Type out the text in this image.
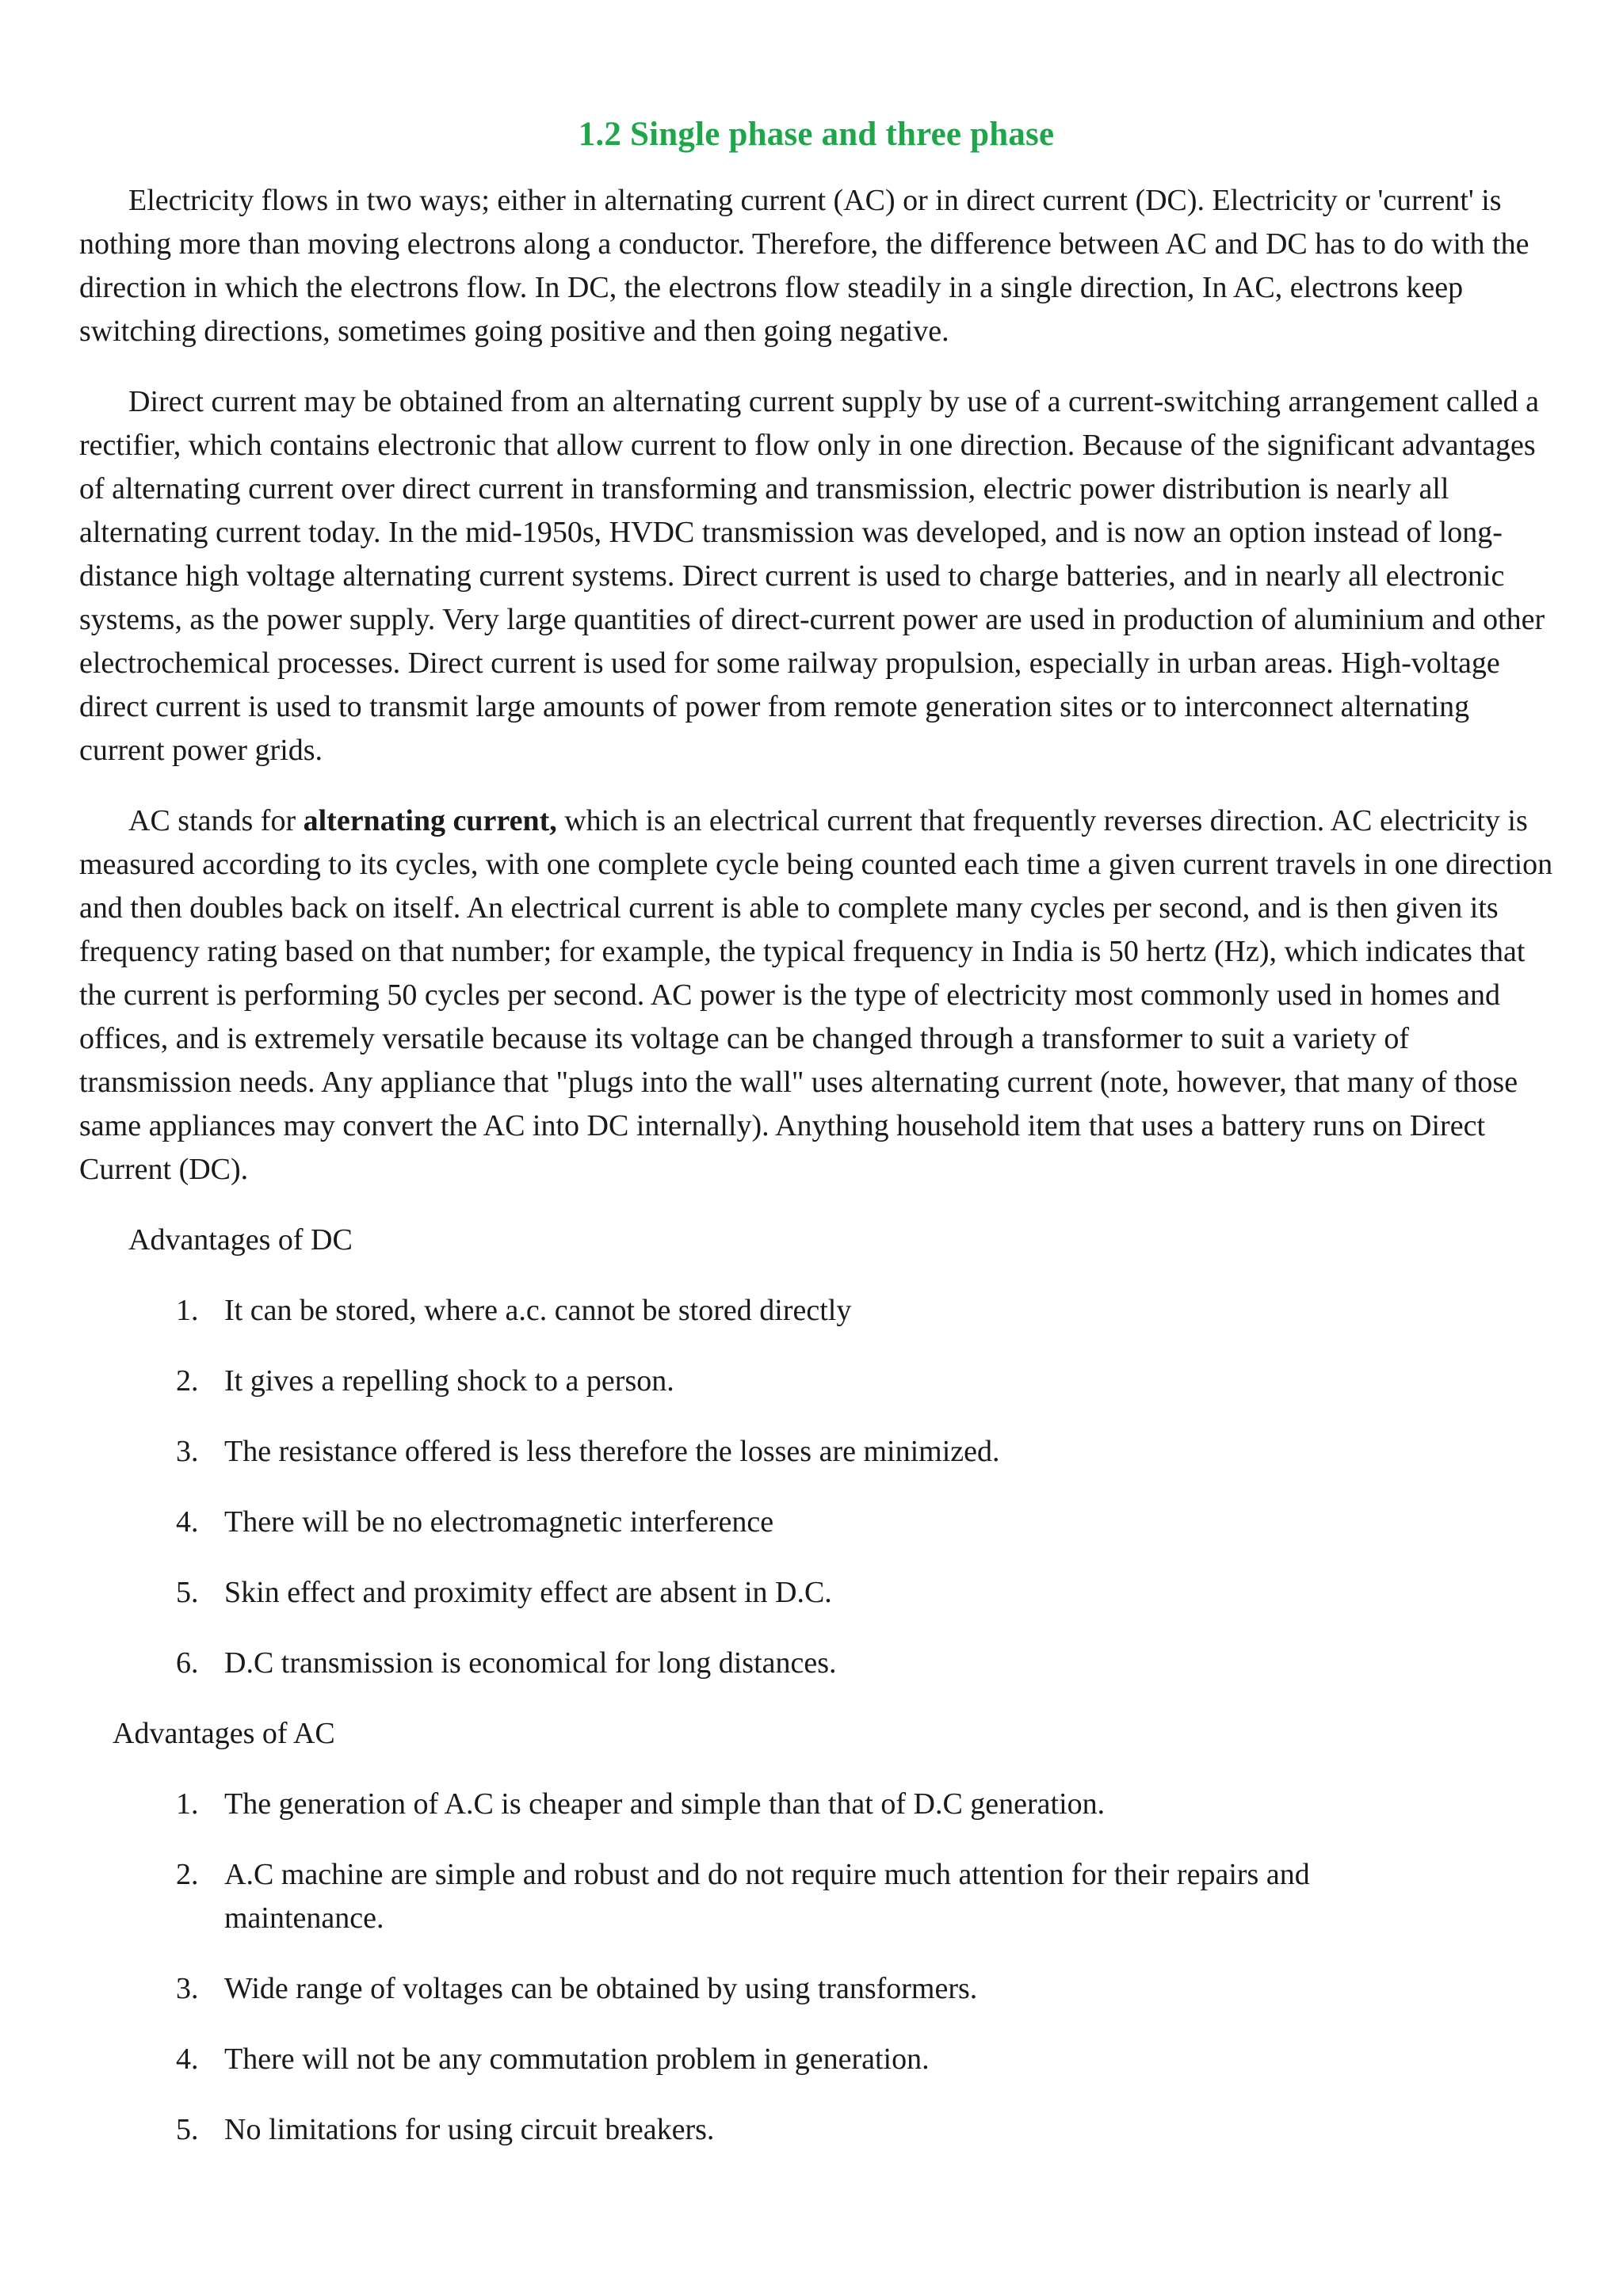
1.2 Single phase and three phase

Electricity flows in two ways; either in alternating current (AC) or in direct current (DC). Electricity or 'current' is nothing more than moving electrons along a conductor. Therefore, the difference between AC and DC has to do with the direction in which the electrons flow. In DC, the electrons flow steadily in a single direction, In AC, electrons keep switching directions, sometimes going positive and then going negative.

Direct current may be obtained from an alternating current supply by use of a current-switching arrangement called a rectifier, which contains electronic that allow current to flow only in one direction. Because of the significant advantages of alternating current over direct current in transforming and transmission, electric power distribution is nearly all alternating current today. In the mid-1950s, HVDC transmission was developed, and is now an option instead of long-distance high voltage alternating current systems. Direct current is used to charge batteries, and in nearly all electronic systems, as the power supply. Very large quantities of direct-current power are used in production of aluminium and other electrochemical processes. Direct current is used for some railway propulsion, especially in urban areas. High-voltage direct current is used to transmit large amounts of power from remote generation sites or to interconnect alternating current power grids.

AC stands for alternating current, which is an electrical current that frequently reverses direction. AC electricity is measured according to its cycles, with one complete cycle being counted each time a given current travels in one direction and then doubles back on itself. An electrical current is able to complete many cycles per second, and is then given its frequency rating based on that number; for example, the typical frequency in India is 50 hertz (Hz), which indicates that the current is performing 50 cycles per second. AC power is the type of electricity most commonly used in homes and offices, and is extremely versatile because its voltage can be changed through a transformer to suit a variety of transmission needs. Any appliance that "plugs into the wall" uses alternating current (note, however, that many of those same appliances may convert the AC into DC internally). Anything household item that uses a battery runs on Direct Current (DC).

Advantages of DC
1. It can be stored, where a.c. cannot be stored directly
2. It gives a repelling shock to a person.
3. The resistance offered is less therefore the losses are minimized.
4. There will be no electromagnetic interference
5. Skin effect and proximity effect are absent in D.C.
6. D.C transmission is economical for long distances.
Advantages of AC
1. The generation of A.C is cheaper and simple than that of D.C generation.
2. A.C machine are simple and robust and do not require much attention for their repairs and maintenance.
3. Wide range of voltages can be obtained by using transformers.
4. There will not be any commutation problem in generation.
5. No limitations for using circuit breakers.
